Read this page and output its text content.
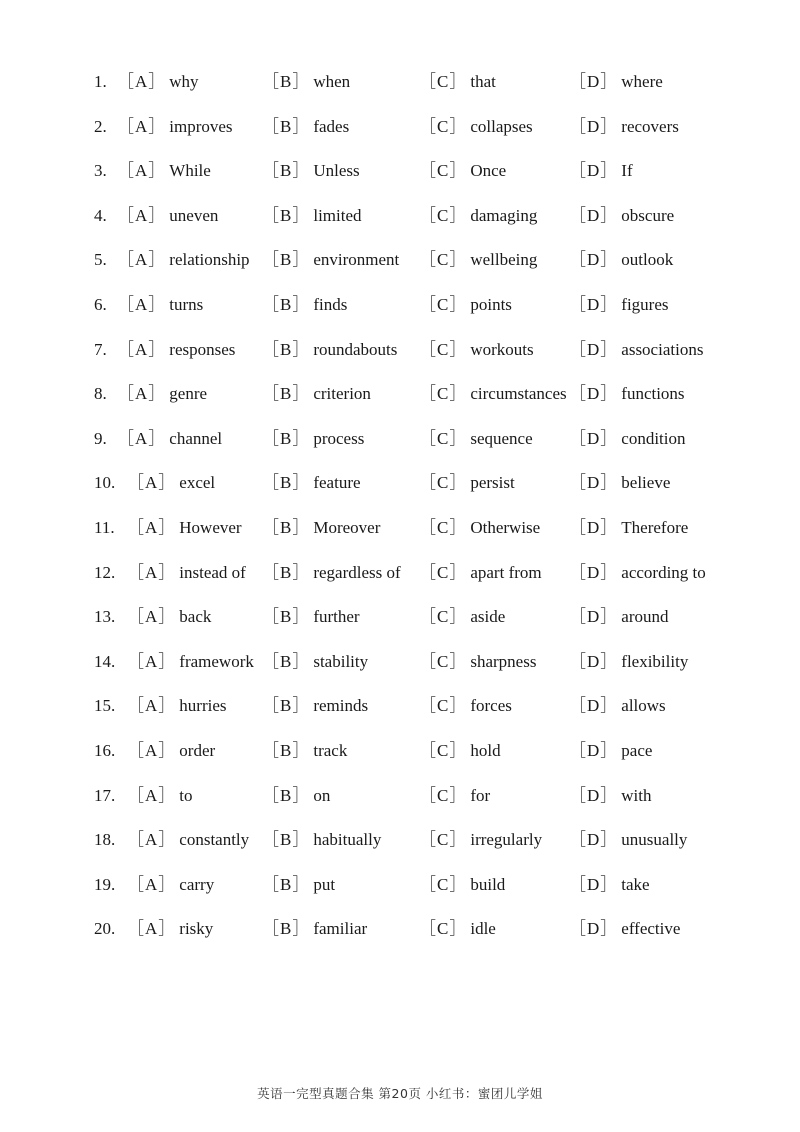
1.	［ A ］ why	［ B ］ when	［ C ］ that	［ D ］ where
2.	［ A ］ improves	［ B ］ fades	［ C ］ collapses	［ D ］ recovers
3.	［ A ］ While	［ B ］ Unless	［ C ］ Once	［ D ］ If
4.	［ A ］ uneven	［ B ］ limited	［ C ］ damaging	［ D ］ obscure
5.	［ A ］ relationship	［ B ］ environment	［ C ］ wellbeing	［ D ］ outlook
6.	［ A ］ turns	［ B ］ finds	［ C ］ points	［ D ］ figures
7.	［ A ］ responses	［ B ］ roundabouts	［ C ］ workouts	［ D ］ associations
8.	［ A ］ genre	［ B ］ criterion	［ C ］ circumstances	［ D ］ functions
9.	［ A ］ channel	［ B ］ process	［ C ］ sequence	［ D ］ condition
10.	［ A ］ excel	［ B ］ feature	［ C ］ persist	［ D ］ believe
11.	［ A ］ However	［ B ］ Moreover	［ C ］ Otherwise	［ D ］ Therefore
12.	［ A ］ instead of	［ B ］ regardless of	［ C ］ apart from	［ D ］ according to
13.	［ A ］ back	［ B ］ further	［ C ］ aside	［ D ］ around
14.	［ A ］ framework	［ B ］ stability	［ C ］ sharpness	［ D ］ flexibility
15.	［ A ］ hurries	［ B ］ reminds	［ C ］ forces	［ D ］ allows
16.	［ A ］ order	［ B ］ track	［ C ］ hold	［ D ］ pace
17.	［ A ］ to	［ B ］ on	［ C ］ for	［ D ］ with
18.	［ A ］ constantly	［ B ］ habitually	［ C ］ irregularly	［ D ］ unusually
19.	［ A ］ carry	［ B ］ put	［ C ］ build	［ D ］ take
20.	［ A ］ risky	［ B ］ familiar	［ C ］ idle	［ D ］ effective
英语一完型真题合集 第20页 小红书：蜜团儿学姐
